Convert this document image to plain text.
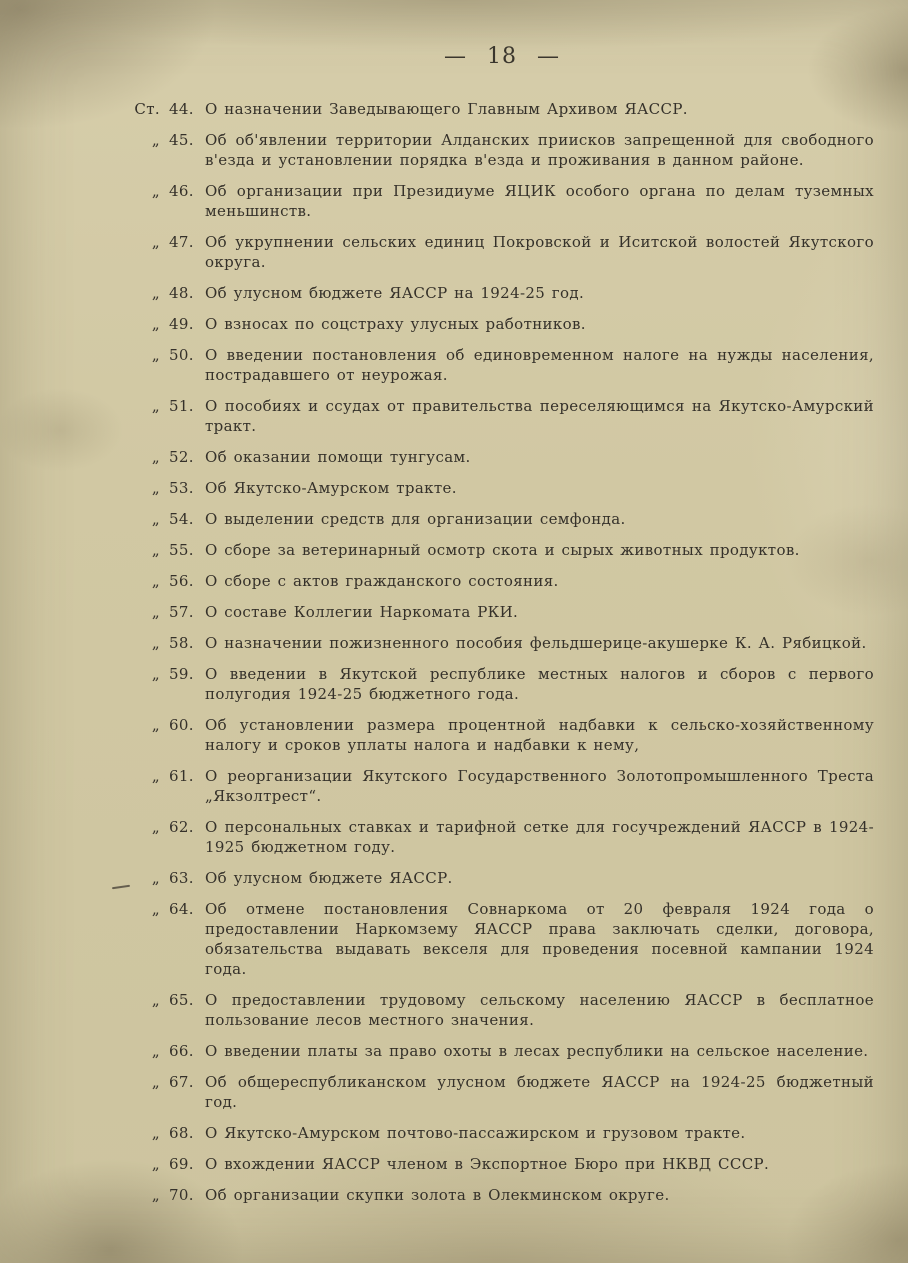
— 18 —
Ст. 44. О назначении Заведывающего Главным Архивом ЯАССР.
„ 45. Об об'явлении территории Алданских приисков запрещенной для свободного в'езда и установлении порядка в'езда и проживания в данном районе.
„ 46. Об организации при Президиуме ЯЦИК особого органа по делам туземных меньшинств.
„ 47. Об укрупнении сельских единиц Покровской и Иситской волостей Якутского округа.
„ 48. Об улусном бюджете ЯАССР на 1924-25 год.
„ 49. О взносах по соцстраху улусных работников.
„ 50. О введении постановления об единовременном налоге на нужды населения, пострадавшего от неурожая.
„ 51. О пособиях и ссудах от правительства переселяющимся на Якутско-Амурский тракт.
„ 52. Об оказании помощи тунгусам.
„ 53. Об Якутско-Амурском тракте.
„ 54. О выделении средств для организации семфонда.
„ 55. О сборе за ветеринарный осмотр скота и сырых животных продуктов.
„ 56. О сборе с актов гражданского состояния.
„ 57. О составе Коллегии Наркомата РКИ.
„ 58. О назначении пожизненного пособия фельдшерице-акушерке К. А. Рябицкой.
„ 59. О введении в Якутской республике местных налогов и сборов с первого полугодия 1924-25 бюджетного года.
„ 60. Об установлении размера процентной надбавки к сельско-хозяйственному налогу и сроков уплаты налога и надбавки к нему,
„ 61. О реорганизации Якутского Государственного Золотопромышленного Треста „Якзолтрест“.
„ 62. О персональных ставках и тарифной сетке для госучреждений ЯАССР в 1924-1925 бюджетном году.
„ 63. Об улусном бюджете ЯАССР.
„ 64. Об отмене постановления Совнаркома от 20 февраля 1924 года о предоставлении Наркомзему ЯАССР права заключать сделки, договора, обязательства выдавать векселя для проведения посевной кампании 1924 года.
„ 65. О предоставлении трудовому сельскому населению ЯАССР в бесплатное пользование лесов местного значения.
„ 66. О введении платы за право охоты в лесах республики на сельское население.
„ 67. Об общереспубликанском улусном бюджете ЯАССР на 1924-25 бюджетный год.
„ 68. О Якутско-Амурском почтово-пассажирском и грузовом тракте.
„ 69. О вхождении ЯАССР членом в Экспортное Бюро при НКВД СССР.
„ 70. Об организации скупки золота в Олекминском округе.
